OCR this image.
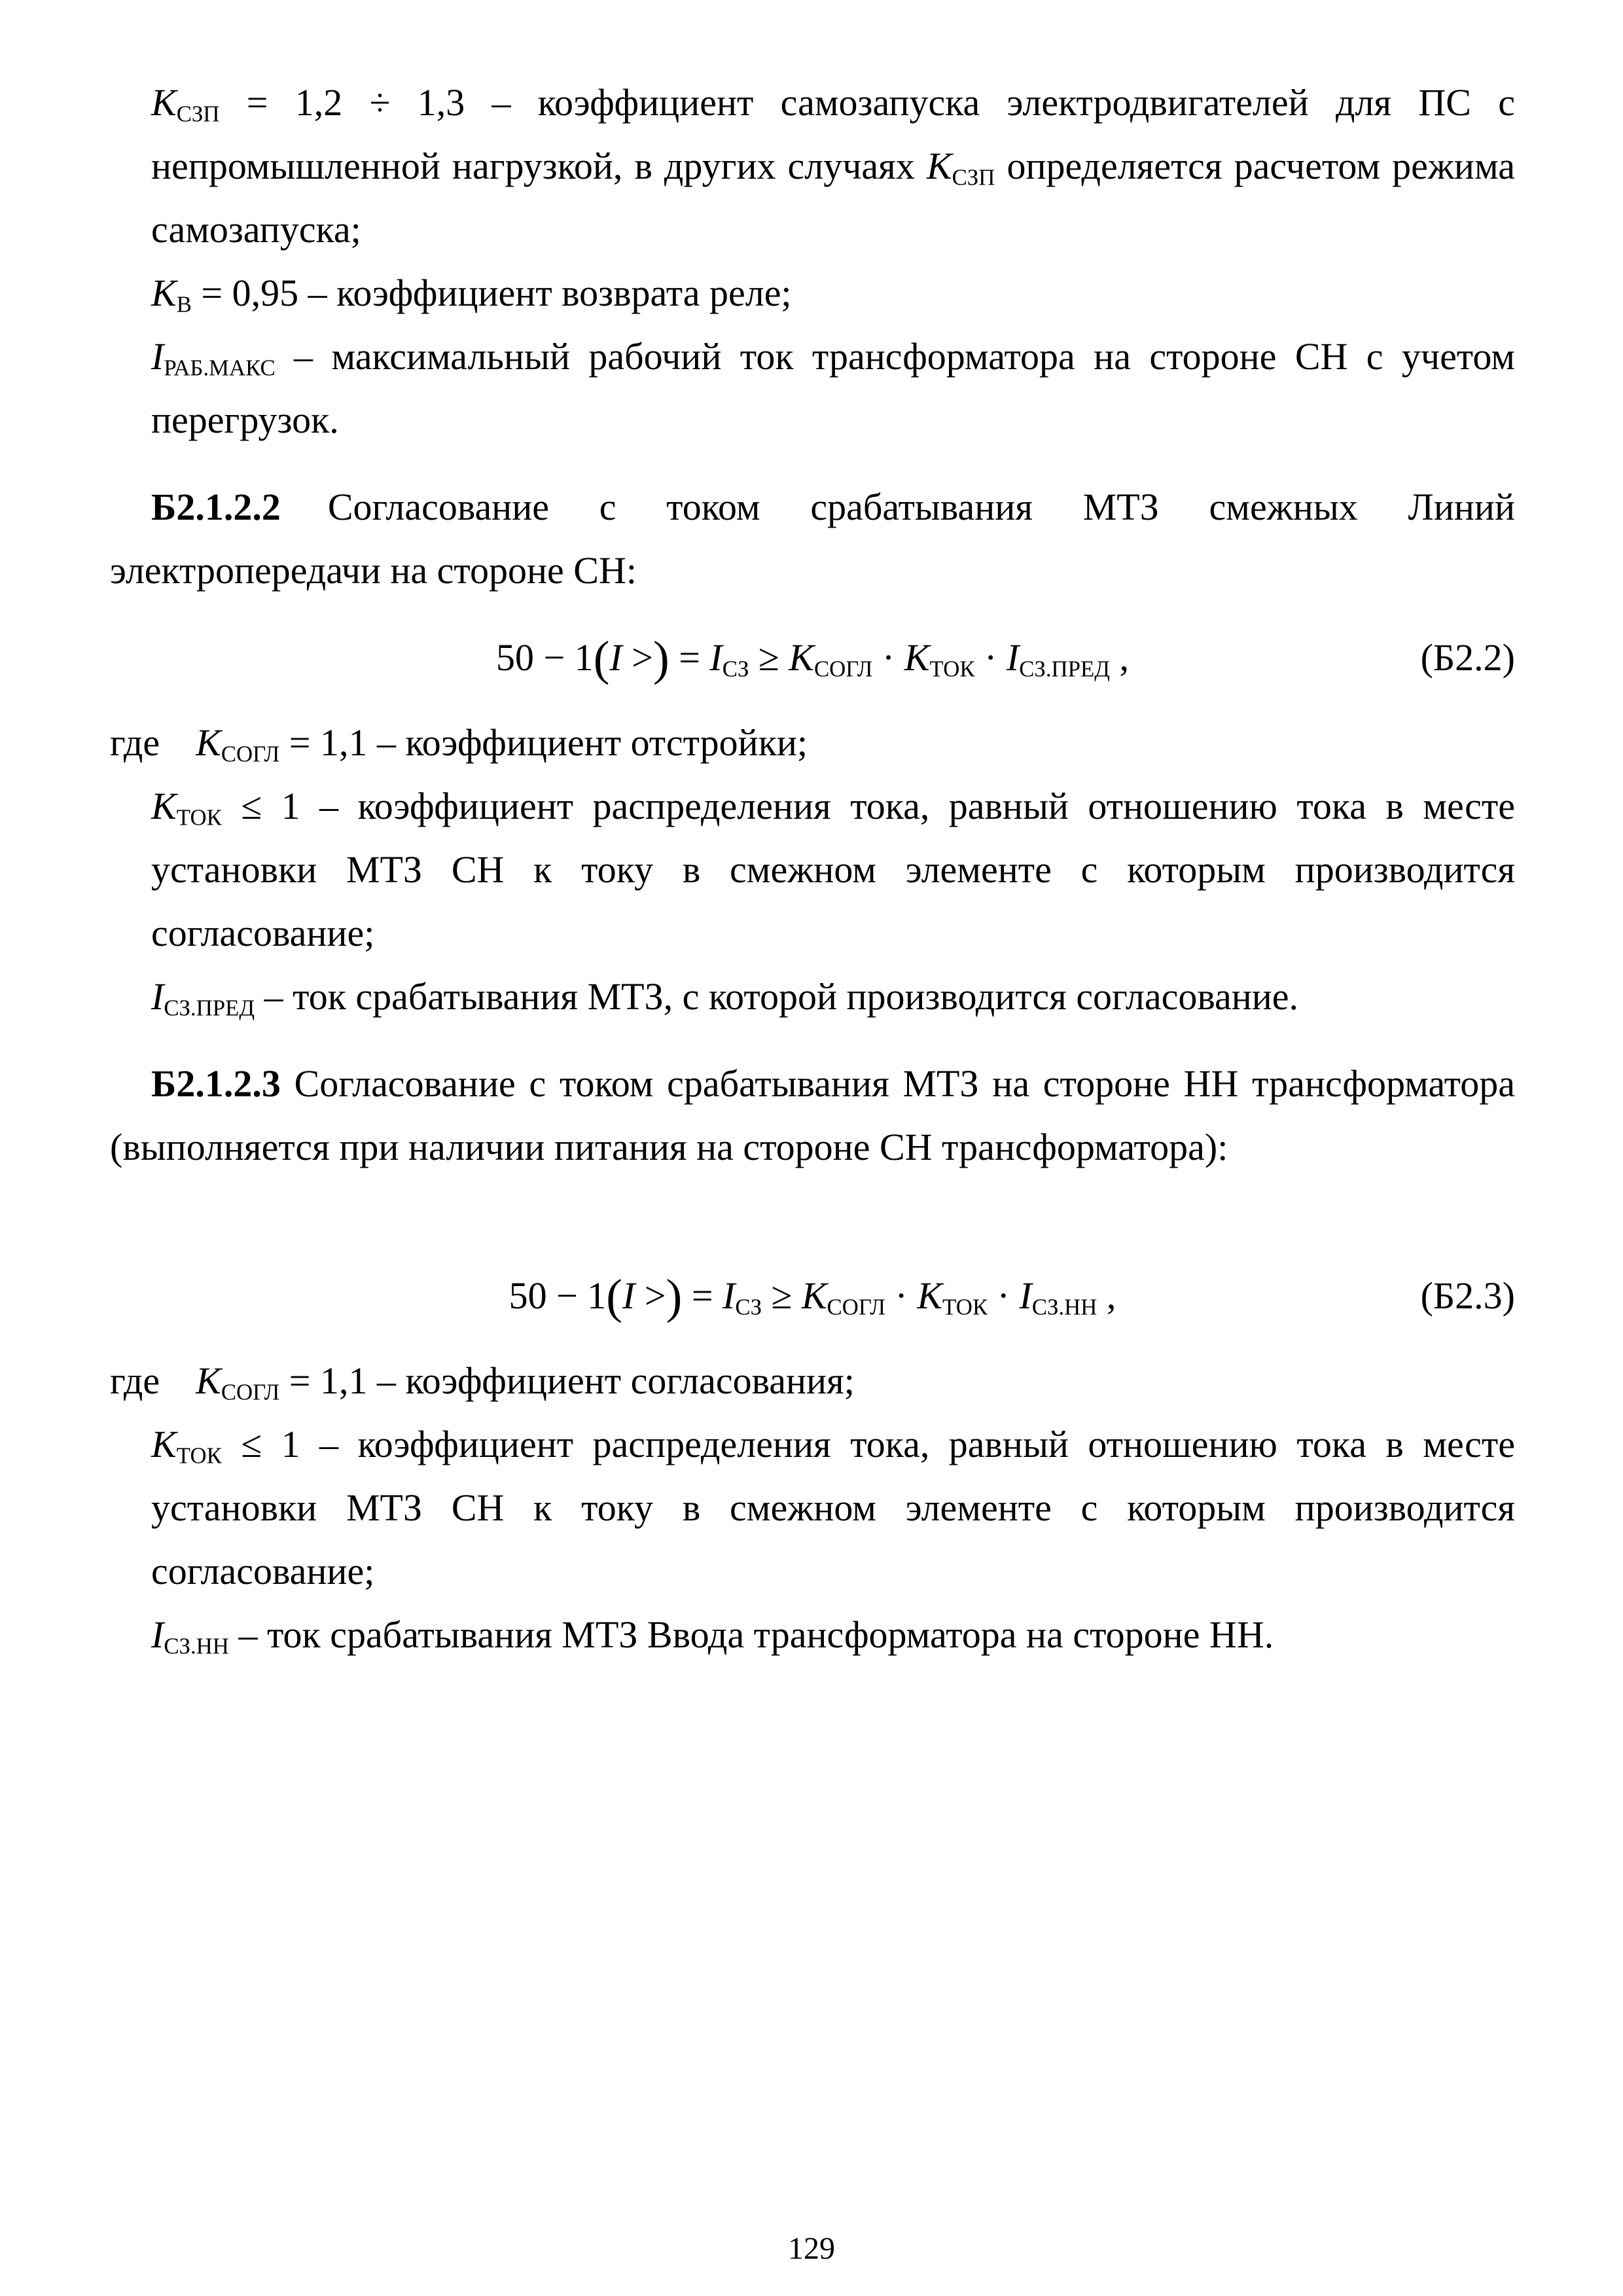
$K_{СЗП} = 1,2 \div 1,3$ – коэффициент самозапуска электродвигателей для ПС с непромышленной нагрузкой, в других случаях $K_{СЗП}$ определяется расчетом режима самозапуска;
$K_В = 0,95$ – коэффициент возврата реле;
$I_{РАБ.МАКС}$ – максимальный рабочий ток трансформатора на стороне СН с учетом перегрузок.
Б2.1.2.2 Согласование с током срабатывания МТЗ смежных Линий электропередачи на стороне СН:
50 − 1(I >) = $I_{СЗ} \ge K_{СОГЛ} \cdot K_{ТОК} \cdot I_{СЗ.ПРЕД}$ ,	(Б2.2)
где $K_{СОГЛ} = 1,1$ – коэффициент отстройки;
$K_{ТОК} \le 1$ – коэффициент распределения тока, равный отношению тока в месте установки МТЗ СН к току в смежном элементе с которым производится согласование;
$I_{СЗ.ПРЕД}$ – ток срабатывания МТЗ, с которой производится согласование.
Б2.1.2.3 Согласование с током срабатывания МТЗ на стороне НН трансформатора (выполняется при наличии питания на стороне СН трансформатора):
50 − 1(I >) = $I_{СЗ} \ge K_{СОГЛ} \cdot K_{ТОК} \cdot I_{СЗ.НН}$ ,	(Б2.3)
где $K_{СОГЛ} = 1,1$ – коэффициент согласования;
$K_{ТОК} \le 1$ – коэффициент распределения тока, равный отношению тока в месте установки МТЗ СН к току в смежном элементе с которым производится согласование;
$I_{СЗ.НН}$ – ток срабатывания МТЗ Ввода трансформатора на стороне НН.
129
